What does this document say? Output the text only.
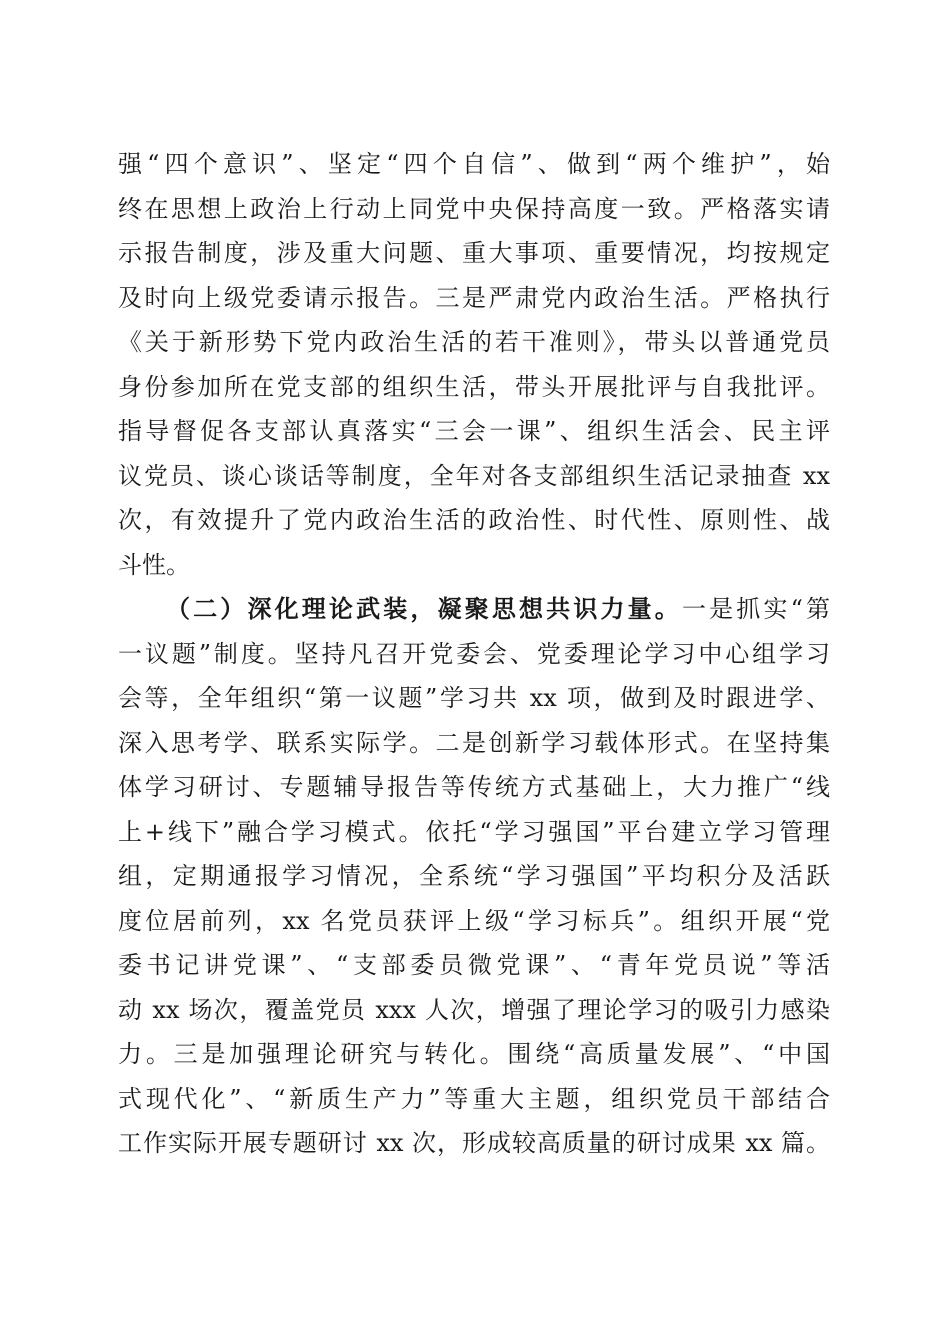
强“四个意识”、坚定“四个自信”、做到“两个维护”，始
终在思想上政治上行动上同党中央保持高度一致。严格落实请
示报告制度，涉及重大问题、重大事项、重要情况，均按规定
及时向上级党委请示报告。三是严肃党内政治生活。严格执行
《关于新形势下党内政治生活的若干准则》，带头以普通党员
身份参加所在党支部的组织生活，带头开展批评与自我批评。
指导督促各支部认真落实“三会一课”、组织生活会、民主评
议党员、谈心谈话等制度，全年对各支部组织生活记录抽查 xx
次，有效提升了党内政治生活的政治性、时代性、原则性、战
斗性。
（二）深化理论武装，凝聚思想共识力量。一是抓实“第
一议题”制度。坚持凡召开党委会、党委理论学习中心组学习
会等，全年组织“第一议题”学习共 xx 项，做到及时跟进学、
深入思考学、联系实际学。二是创新学习载体形式。在坚持集
体学习研讨、专题辅导报告等传统方式基础上，大力推广“线
上+线下”融合学习模式。依托“学习强国”平台建立学习管理
组，定期通报学习情况，全系统“学习强国”平均积分及活跃
度位居前列，xx 名党员获评上级“学习标兵”。组织开展“党
委书记讲党课”、“支部委员微党课”、“青年党员说”等活
动 xx 场次，覆盖党员 xxx 人次，增强了理论学习的吸引力感染
力。三是加强理论研究与转化。围绕“高质量发展”、“中国
式现代化”、“新质生产力”等重大主题，组织党员干部结合
工作实际开展专题研讨 xx 次，形成较高质量的研讨成果 xx 篇。
